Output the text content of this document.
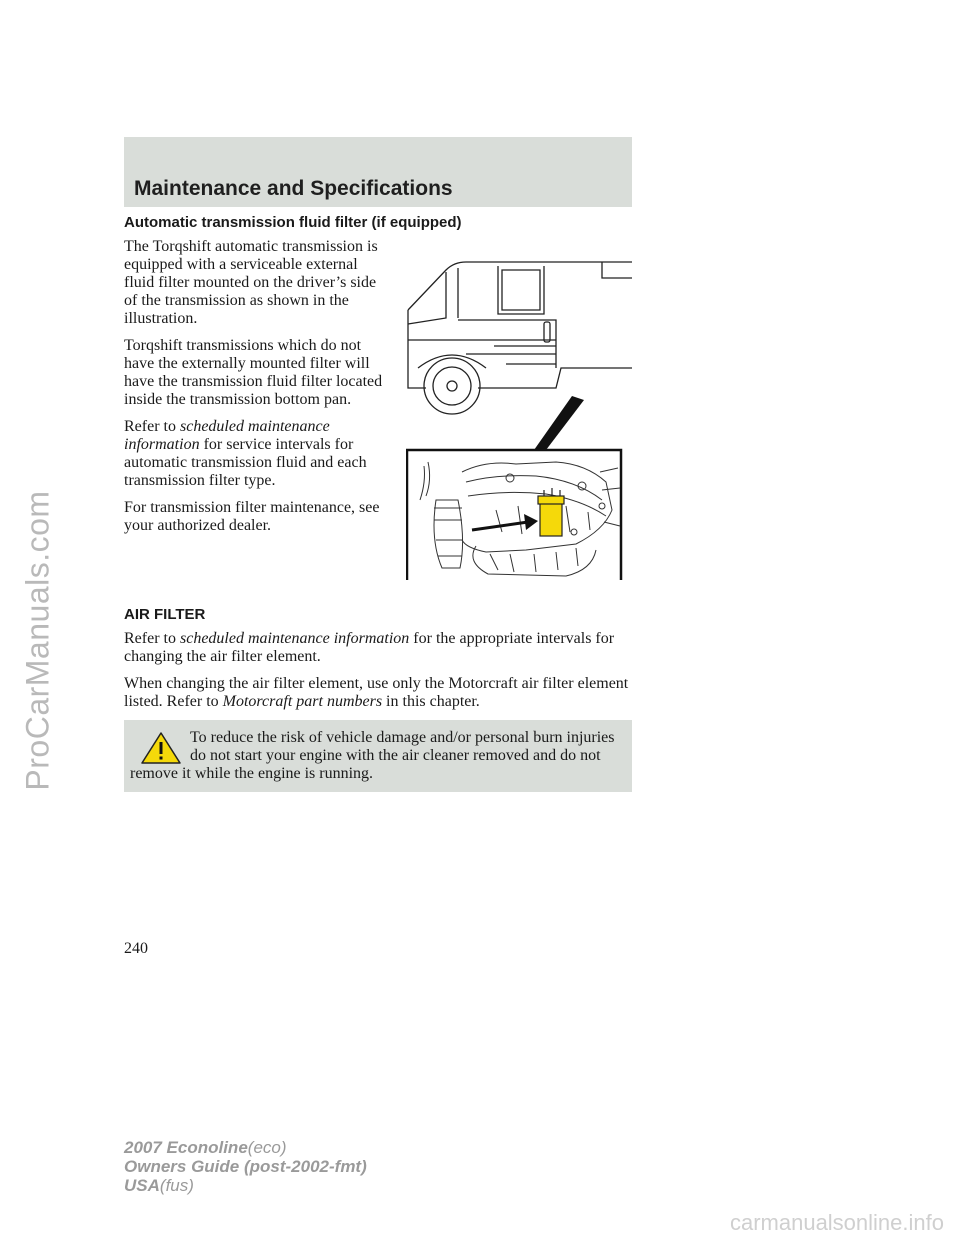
ProCarManuals.com
Maintenance and Specifications
Automatic transmission fluid filter (if equipped)

The Torqshift automatic transmission is equipped with a serviceable external fluid filter mounted on the driver’s side of the transmission as shown in the illustration.

Torqshift transmissions which do not have the externally mounted filter will have the transmission fluid filter located inside the transmission bottom pan.

Refer to scheduled maintenance information for service intervals for automatic transmission fluid and each transmission filter type.

For transmission filter maintenance, see your authorized dealer.

AIR FILTER

Refer to scheduled maintenance information for the appropriate intervals for changing the air filter element.

When changing the air filter element, use only the Motorcraft air filter element listed. Refer to Motorcraft part numbers in this chapter.

To reduce the risk of vehicle damage and/or personal burn injuries do not start your engine with the air cleaner removed and do not remove it while the engine is running.
240
2007 Econoline(eco)
Owners Guide (post-2002-fmt)
USA(fus)
carmanualsonline.info
